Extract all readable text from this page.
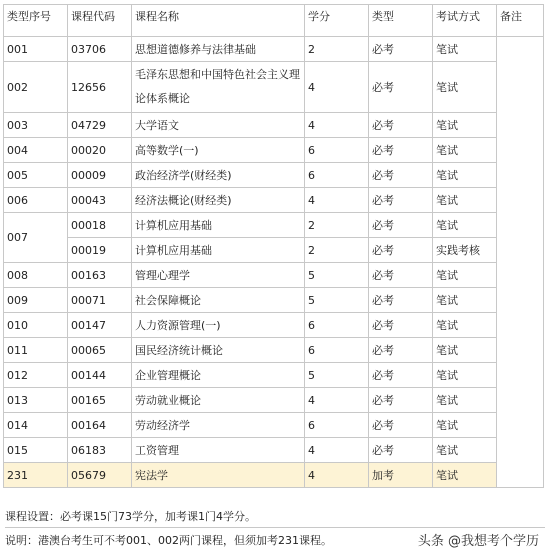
类型序号	课程代码	课程名称	学分	类型	考试方式	备注
001	03706	思想道德修养与法律基础	2	必考	笔试	
002	12656	毛泽东思想和中国特色社会主义理论体系概论	4	必考	笔试	
003	04729	大学语文	4	必考	笔试	
004	00020	高等数学(一)	6	必考	笔试	
005	00009	政治经济学(财经类)	6	必考	笔试	
006	00043	经济法概论(财经类)	4	必考	笔试	
007	00018	计算机应用基础	2	必考	笔试	
	00019	计算机应用基础	2	必考	实践考核	
008	00163	管理心理学	5	必考	笔试	
009	00071	社会保障概论	5	必考	笔试	
010	00147	人力资源管理(一)	6	必考	笔试	
011	00065	国民经济统计概论	6	必考	笔试	
012	00144	企业管理概论	5	必考	笔试	
013	00165	劳动就业概论	4	必考	笔试	
014	00164	劳动经济学	6	必考	笔试	
015	06183	工资管理	4	必考	笔试	
231	05679	宪法学	4	加考	笔试	
课程设置：必考课15门73学分，加考课1门4学分。
说明：港澳台考生可不考001、002两门课程，但须加考231课程。	头条 @我想考个学历
